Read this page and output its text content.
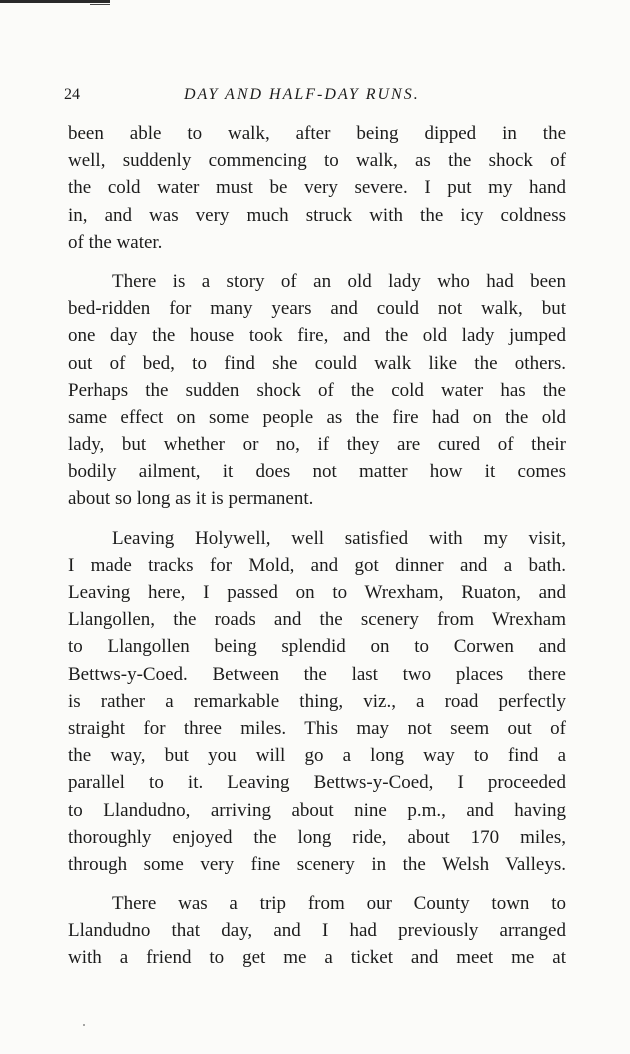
24	DAY AND HALF-DAY RUNS.
been able to walk, after being dipped in the
well, suddenly commencing to walk, as the shock of
the cold water must be very severe. I put my hand
in, and was very much struck with the icy coldness
of the water.
There is a story of an old lady who had been
bed-ridden for many years and could not walk, but
one day the house took fire, and the old lady jumped
out of bed, to find she could walk like the others.
Perhaps the sudden shock of the cold water has the
same effect on some people as the fire had on the old
lady, but whether or no, if they are cured of their
bodily ailment, it does not matter how it comes
about so long as it is permanent.
Leaving Holywell, well satisfied with my visit,
I made tracks for Mold, and got dinner and a bath.
Leaving here, I passed on to Wrexham, Ruaton, and
Llangollen, the roads and the scenery from Wrexham
to Llangollen being splendid on to Corwen and
Bettws-y-Coed. Between the last two places there
is rather a remarkable thing, viz., a road perfectly
straight for three miles. This may not seem out of
the way, but you will go a long way to find a
parallel to it. Leaving Bettws-y-Coed, I proceeded
to Llandudno, arriving about nine p.m., and having
thoroughly enjoyed the long ride, about 170 miles,
through some very fine scenery in the Welsh Valleys.
There was a trip from our County town to
Llandudno that day, and I had previously arranged
with a friend to get me a ticket and meet me at
